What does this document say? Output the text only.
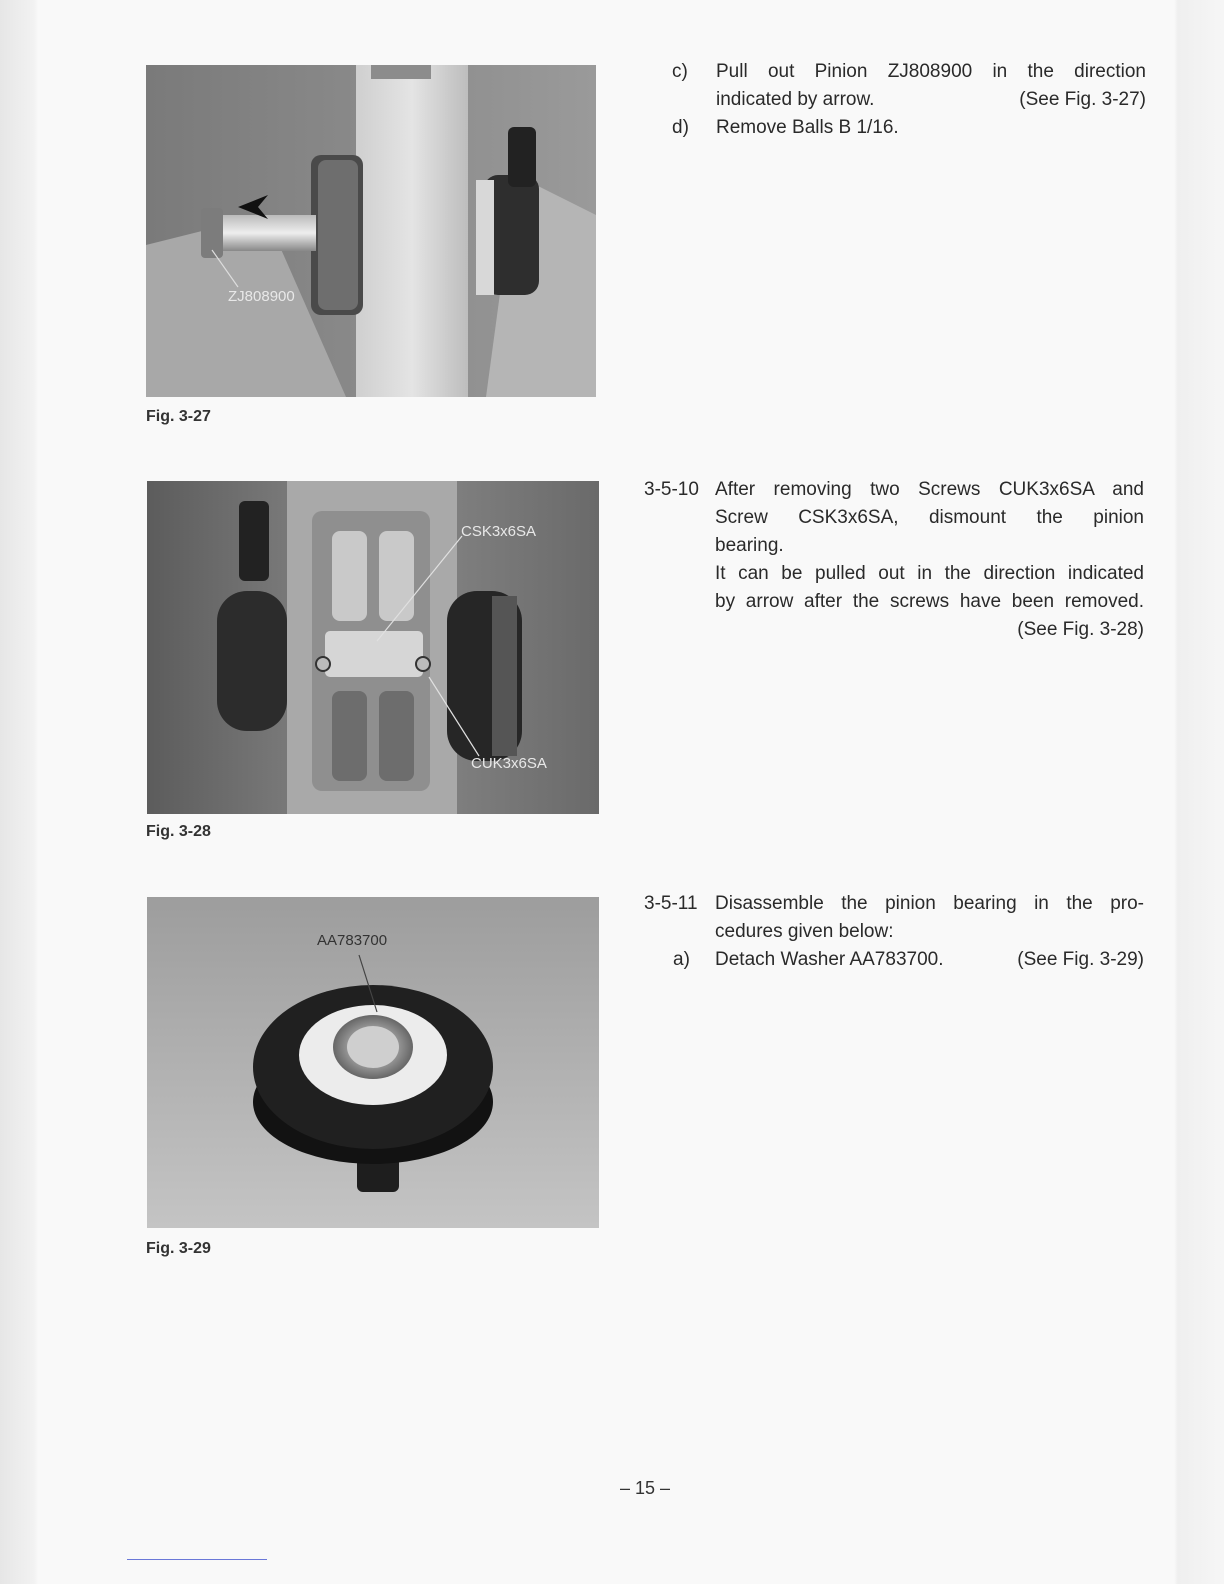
ZJ808900
Fig. 3-27
CSK3x6SA
CUK3x6SA
Fig. 3-28
AA783700
Fig. 3-29
c)	Pull out Pinion ZJ808900 in the direction
indicated by arrow.	(See Fig. 3-27)
d)	Remove Balls B 1/16.
3-5-10 After removing two Screws CUK3x6SA and
Screw CSK3x6SA, dismount the pinion
bearing.
It can be pulled out in the direction indicated
by arrow after the screws have been removed.
(See Fig. 3-28)
3-5-11 Disassemble the pinion bearing in the pro-
cedures given below:
a)	Detach Washer AA783700.	(See Fig. 3-29)
– 15 –
